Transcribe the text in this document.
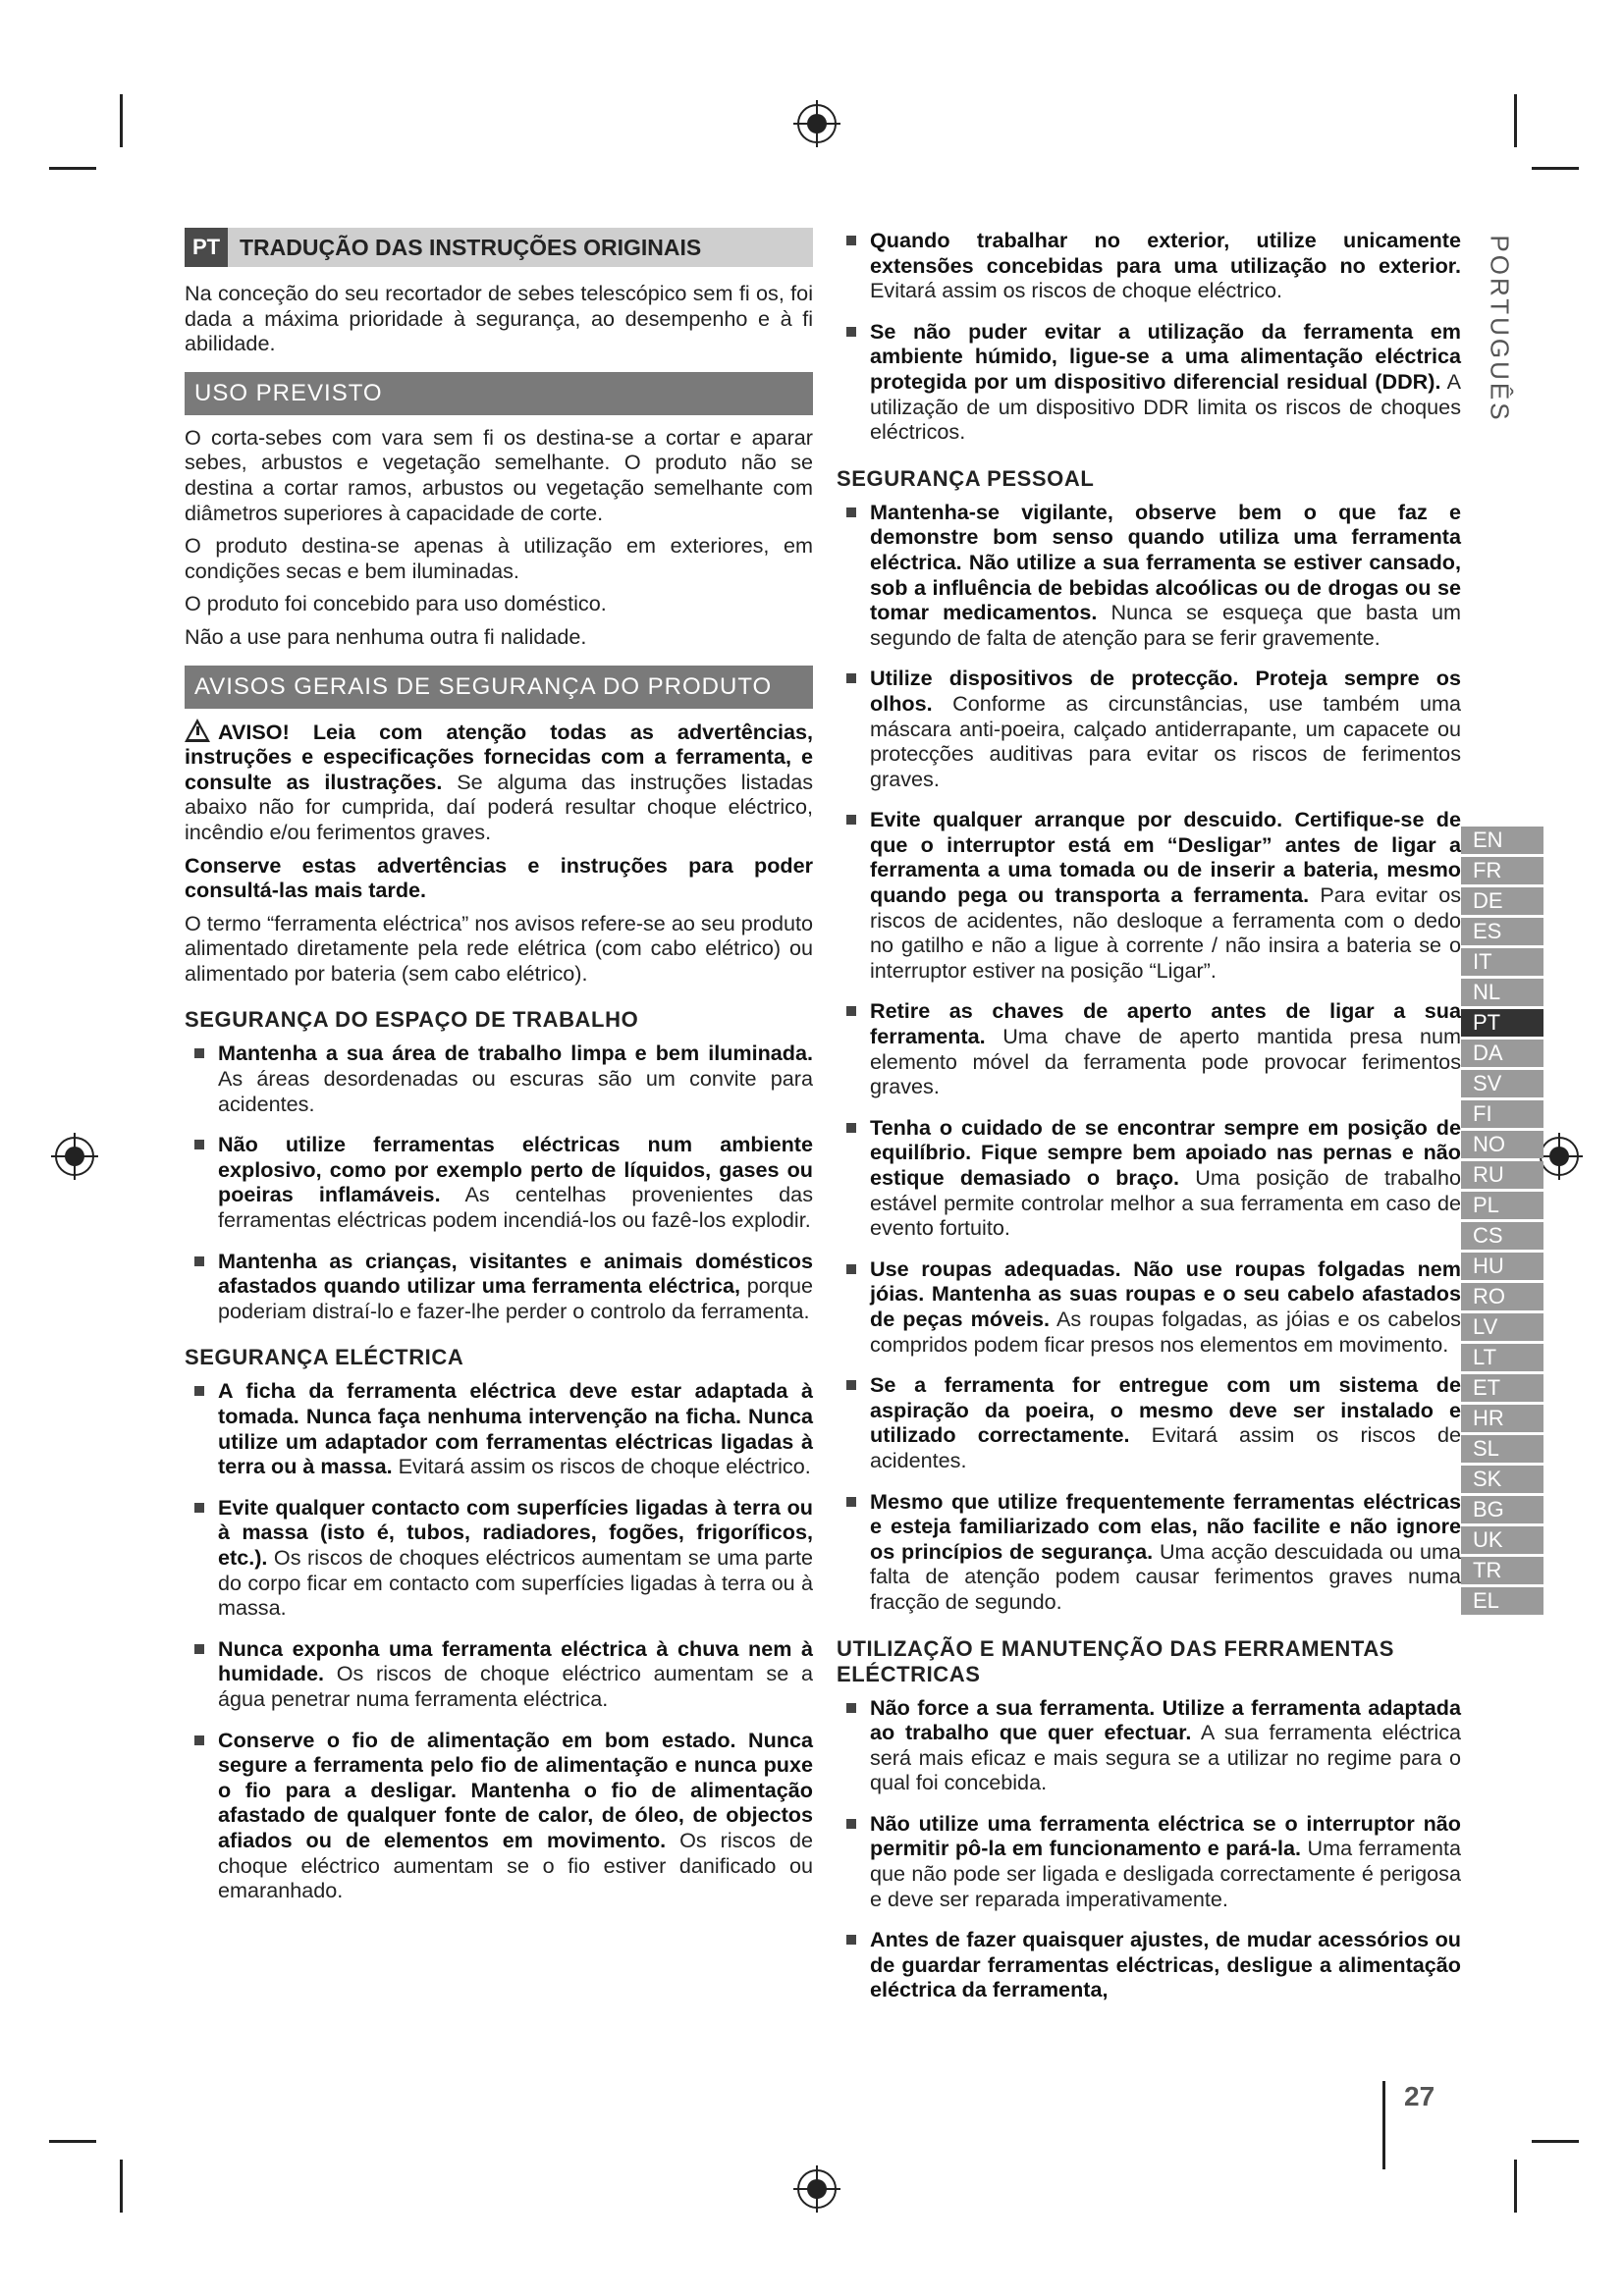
PORTUGUÊS
PT TRADUÇÃO DAS INSTRUÇÕES ORIGINAIS

Na conceção do seu recortador de sebes telescópico sem fi os, foi dada a máxima prioridade à segurança, ao desempenho e à fi abilidade.

USO PREVISTO

O corta-sebes com vara sem fi os destina-se a cortar e aparar sebes, arbustos e vegetação semelhante. O produto não se destina a cortar ramos, arbustos ou vegetação semelhante com diâmetros superiores à capacidade de corte.

O produto destina-se apenas à utilização em exteriores, em condições secas e bem iluminadas.

O produto foi concebido para uso doméstico.

Não a use para nenhuma outra fi nalidade.

AVISOS GERAIS DE SEGURANÇA DO PRODUTO

AVISO! Leia com atenção todas as advertências, instruções e especificações fornecidas com a ferramenta, e consulte as ilustrações. Se alguma das instruções listadas abaixo não for cumprida, daí poderá resultar choque eléctrico, incêndio e/ou ferimentos graves.

Conserve estas advertências e instruções para poder consultá-las mais tarde.

O termo “ferramenta eléctrica” nos avisos refere-se ao seu produto alimentado diretamente pela rede elétrica (com cabo elétrico) ou alimentado por bateria (sem cabo elétrico).

SEGURANÇA DO ESPAÇO DE TRABALHO
Mantenha a sua área de trabalho limpa e bem iluminada. As áreas desordenadas ou escuras são um convite para acidentes.
Não utilize ferramentas eléctricas num ambiente explosivo, como por exemplo perto de líquidos, gases ou poeiras inflamáveis. As centelhas provenientes das ferramentas eléctricas podem incendiá-los ou fazê-los explodir.
Mantenha as crianças, visitantes e animais domésticos afastados quando utilizar uma ferramenta eléctrica, porque poderiam distraí-lo e fazer-lhe perder o controlo da ferramenta.
SEGURANÇA ELÉCTRICA
A ficha da ferramenta eléctrica deve estar adaptada à tomada. Nunca faça nenhuma intervenção na ficha. Nunca utilize um adaptador com ferramentas eléctricas ligadas à terra ou à massa. Evitará assim os riscos de choque eléctrico.
Evite qualquer contacto com superfícies ligadas à terra ou à massa (isto é, tubos, radiadores, fogões, frigoríficos, etc.). Os riscos de choques eléctricos aumentam se uma parte do corpo ficar em contacto com superfícies ligadas à terra ou à massa.
Nunca exponha uma ferramenta eléctrica à chuva nem à humidade. Os riscos de choque eléctrico aumentam se a água penetrar numa ferramenta eléctrica.
Conserve o fio de alimentação em bom estado. Nunca segure a ferramenta pelo fio de alimentação e nunca puxe o fio para a desligar. Mantenha o fio de alimentação afastado de qualquer fonte de calor, de óleo, de objectos afiados ou de elementos em movimento. Os riscos de choque eléctrico aumentam se o fio estiver danificado ou emaranhado.
Quando trabalhar no exterior, utilize unicamente extensões concebidas para uma utilização no exterior. Evitará assim os riscos de choque eléctrico.
Se não puder evitar a utilização da ferramenta em ambiente húmido, ligue-se a uma alimentação eléctrica protegida por um dispositivo diferencial residual (DDR). A utilização de um dispositivo DDR limita os riscos de choques eléctricos.
SEGURANÇA PESSOAL
Mantenha-se vigilante, observe bem o que faz e demonstre bom senso quando utiliza uma ferramenta eléctrica. Não utilize a sua ferramenta se estiver cansado, sob a influência de bebidas alcoólicas ou de drogas ou se tomar medicamentos. Nunca se esqueça que basta um segundo de falta de atenção para se ferir gravemente.
Utilize dispositivos de protecção. Proteja sempre os olhos. Conforme as circunstâncias, use também uma máscara anti-poeira, calçado antiderrapante, um capacete ou protecções auditivas para evitar os riscos de ferimentos graves.
Evite qualquer arranque por descuido. Certifique-se de que o interruptor está em “Desligar” antes de ligar a ferramenta a uma tomada ou de inserir a bateria, mesmo quando pega ou transporta a ferramenta. Para evitar os riscos de acidentes, não desloque a ferramenta com o dedo no gatilho e não a ligue à corrente / não insira a bateria se o interruptor estiver na posição “Ligar”.
Retire as chaves de aperto antes de ligar a sua ferramenta. Uma chave de aperto mantida presa num elemento móvel da ferramenta pode provocar ferimentos graves.
Tenha o cuidado de se encontrar sempre em posição de equilíbrio. Fique sempre bem apoiado nas pernas e não estique demasiado o braço. Uma posição de trabalho estável permite controlar melhor a sua ferramenta em caso de evento fortuito.
Use roupas adequadas. Não use roupas folgadas nem jóias. Mantenha as suas roupas e o seu cabelo afastados de peças móveis. As roupas folgadas, as jóias e os cabelos compridos podem ficar presos nos elementos em movimento.
Se a ferramenta for entregue com um sistema de aspiração da poeira, o mesmo deve ser instalado e utilizado correctamente. Evitará assim os riscos de acidentes.
Mesmo que utilize frequentemente ferramentas eléctricas e esteja familiarizado com elas, não facilite e não ignore os princípios de segurança. Uma acção descuidada ou uma falta de atenção podem causar ferimentos graves numa fracção de segundo.
UTILIZAÇÃO E MANUTENÇÃO DAS FERRAMENTAS ELÉCTRICAS
Não force a sua ferramenta. Utilize a ferramenta adaptada ao trabalho que quer efectuar. A sua ferramenta eléctrica será mais eficaz e mais segura se a utilizar no regime para o qual foi concebida.
Não utilize uma ferramenta eléctrica se o interruptor não permitir pô-la em funcionamento e pará-la. Uma ferramenta que não pode ser ligada e desligada correctamente é perigosa e deve ser reparada imperativamente.
Antes de fazer quaisquer ajustes, de mudar acessórios ou de guardar ferramentas eléctricas, desligue a alimentação eléctrica da ferramenta,
EN
FR
DE
ES
IT
NL
PT
DA
SV
FI
NO
RU
PL
CS
HU
RO
LV
LT
ET
HR
SL
SK
BG
UK
TR
EL
27
